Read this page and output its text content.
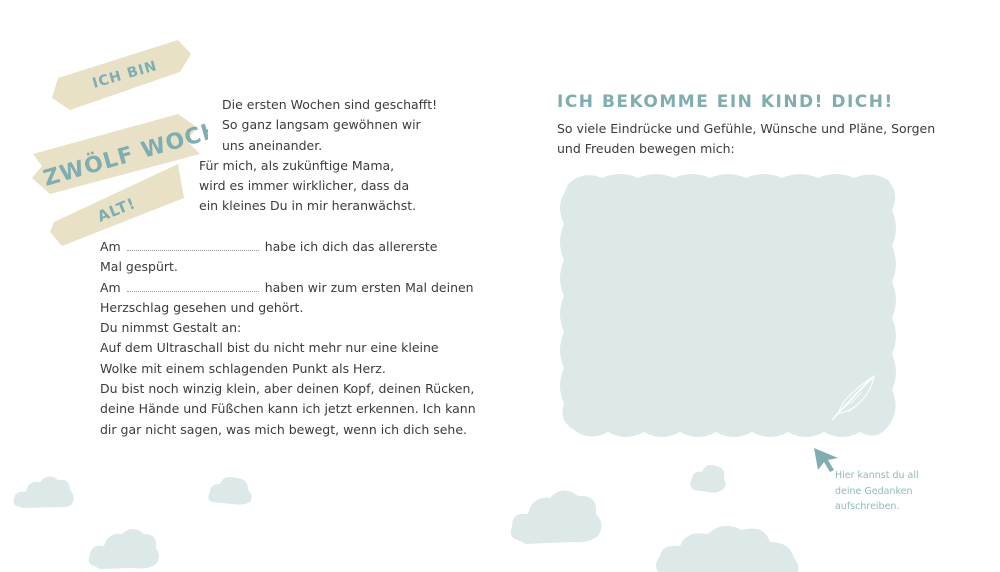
ICH BIN
ZWÖLF WOCHEN
ALT!
Die ersten Wochen sind geschafft!
So ganz langsam gewöhnen wir
uns aneinander.
Für mich, als zukünftige Mama,
wird es immer wirklicher, dass da
ein kleines Du in mir heranwächst.
Am	habe ich dich das allererste
Mal gespürt.
Am	haben wir zum ersten Mal deinen
Herzschlag gesehen und gehört.
Du nimmst Gestalt an:
Auf dem Ultraschall bist du nicht mehr nur eine kleine
Wolke mit einem schlagenden Punkt als Herz.
Du bist noch winzig klein, aber deinen Kopf, deinen Rücken,
deine Hände und Füßchen kann ich jetzt erkennen. Ich kann
dir gar nicht sagen, was mich bewegt, wenn ich dich sehe.
ICH BEKOMME EIN KIND! DICH!
So viele Eindrücke und Gefühle, Wünsche und Pläne, Sorgen
und Freuden bewegen mich:
Hier kannst du all
deine Gedanken
aufschreiben.
